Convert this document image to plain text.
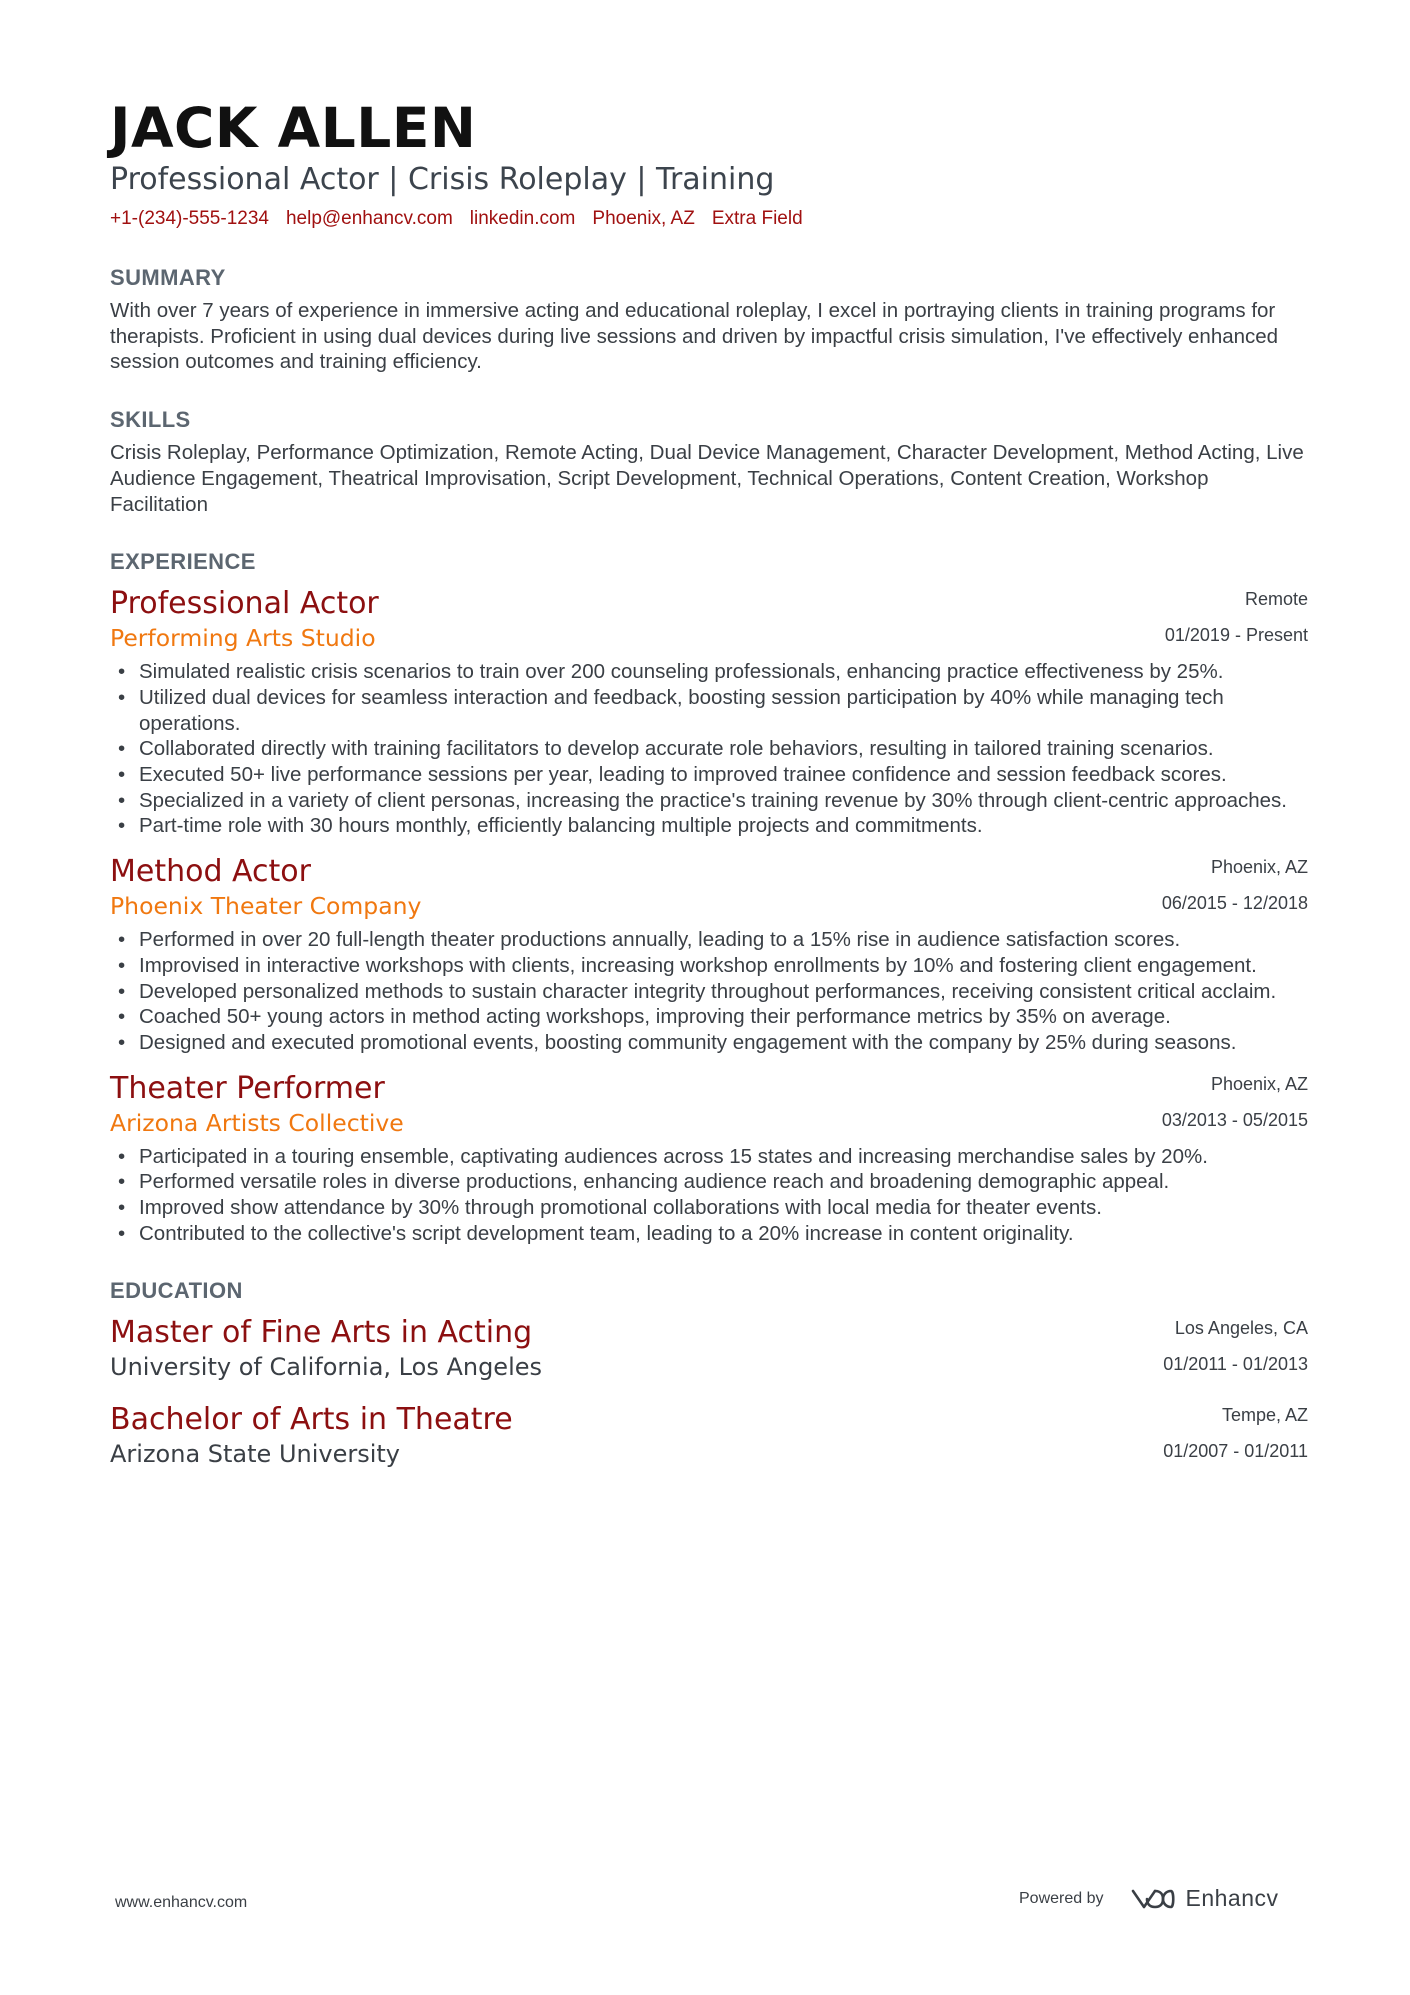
JACK ALLEN
Professional Actor | Crisis Roleplay | Training
+1-(234)-555-1234 help@enhancv.com linkedin.com Phoenix, AZ Extra Field
SUMMARY
With over 7 years of experience in immersive acting and educational roleplay, I excel in portraying clients in training programs for therapists. Proficient in using dual devices during live sessions and driven by impactful crisis simulation, I've effectively enhanced session outcomes and training efficiency.
SKILLS
Crisis Roleplay, Performance Optimization, Remote Acting, Dual Device Management, Character Development, Method Acting, Live Audience Engagement, Theatrical Improvisation, Script Development, Technical Operations, Content Creation, Workshop Facilitation
EXPERIENCE
Professional Actor
Performing Arts Studio
Remote
01/2019 - Present
• Simulated realistic crisis scenarios to train over 200 counseling professionals, enhancing practice effectiveness by 25%.
• Utilized dual devices for seamless interaction and feedback, boosting session participation by 40% while managing tech operations.
• Collaborated directly with training facilitators to develop accurate role behaviors, resulting in tailored training scenarios.
• Executed 50+ live performance sessions per year, leading to improved trainee confidence and session feedback scores.
• Specialized in a variety of client personas, increasing the practice's training revenue by 30% through client-centric approaches.
• Part-time role with 30 hours monthly, efficiently balancing multiple projects and commitments.
Method Actor
Phoenix Theater Company
Phoenix, AZ
06/2015 - 12/2018
• Performed in over 20 full-length theater productions annually, leading to a 15% rise in audience satisfaction scores.
• Improvised in interactive workshops with clients, increasing workshop enrollments by 10% and fostering client engagement.
• Developed personalized methods to sustain character integrity throughout performances, receiving consistent critical acclaim.
• Coached 50+ young actors in method acting workshops, improving their performance metrics by 35% on average.
• Designed and executed promotional events, boosting community engagement with the company by 25% during seasons.
Theater Performer
Arizona Artists Collective
Phoenix, AZ
03/2013 - 05/2015
• Participated in a touring ensemble, captivating audiences across 15 states and increasing merchandise sales by 20%.
• Performed versatile roles in diverse productions, enhancing audience reach and broadening demographic appeal.
• Improved show attendance by 30% through promotional collaborations with local media for theater events.
• Contributed to the collective's script development team, leading to a 20% increase in content originality.
EDUCATION
Master of Fine Arts in Acting
University of California, Los Angeles
Los Angeles, CA
01/2011 - 01/2013
Bachelor of Arts in Theatre
Arizona State University
Tempe, AZ
01/2007 - 01/2011
www.enhancv.com	Powered by	Enhancv
